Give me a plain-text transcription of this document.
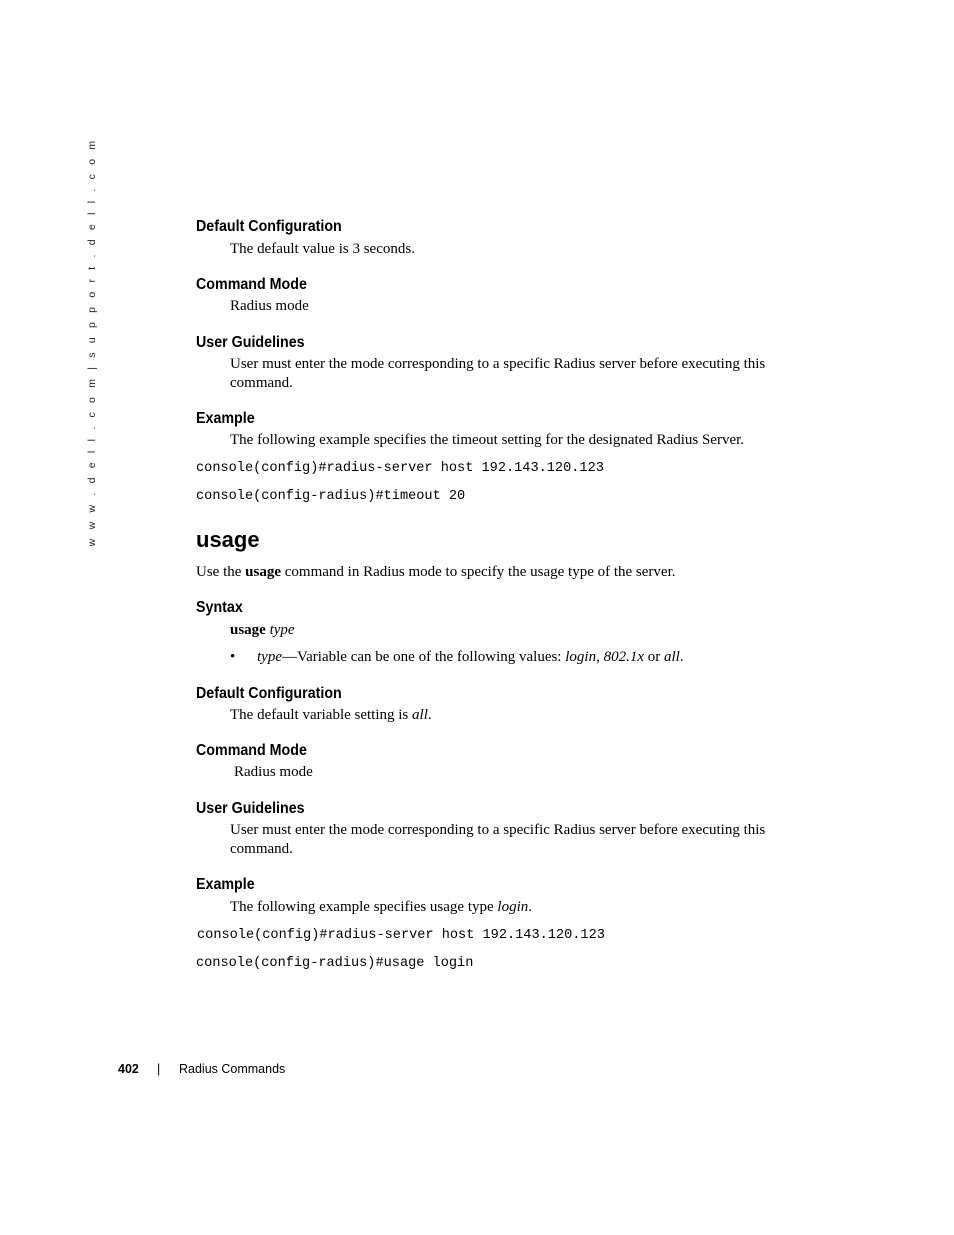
w w w . d e l l . c o m | s u p p o r t . d e l l . c o m	Default Configuration
The default value is 3 seconds.
Command Mode
Radius mode
User Guidelines
User must enter the mode corresponding to a specific Radius server before executing this command.
Example
The following example specifies the timeout setting for the designated Radius Server.
console(config)#radius-server host 192.143.120.123
console(config-radius)#timeout 20
usage
Use the usage command in Radius mode to specify the usage type of the server.
Syntax
usage type
• type—Variable can be one of the following values: login, 802.1x or all.
Default Configuration
The default variable setting is all.
Command Mode
Radius mode
User Guidelines
User must enter the mode corresponding to a specific Radius server before executing this command.
Example
The following example specifies usage type login.
console(config)#radius-server host 192.143.120.123
console(config-radius)#usage login
402 | Radius Commands
